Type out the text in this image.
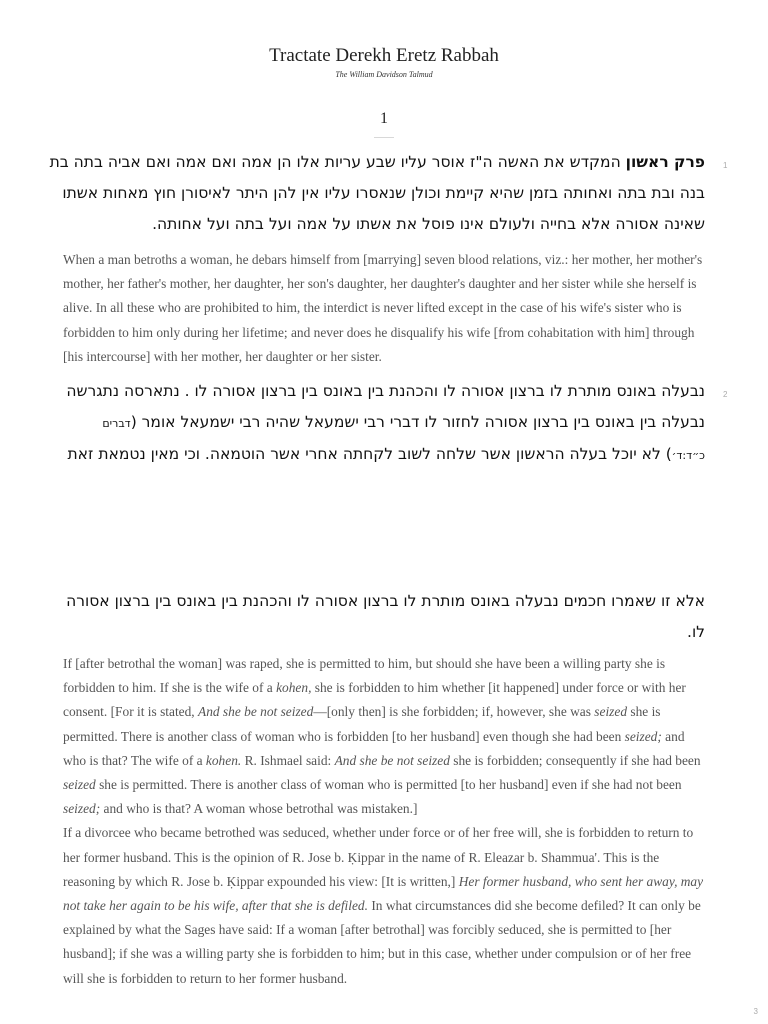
Tractate Derekh Eretz Rabbah
The William Davidson Talmud
1
1
פרק ראשון המקדש את האשה ה"ז אוסר עליו שבע עריות אלו הן אמה ואם אמה ואם אביה בתה בת
בנה ובת בתה ואחותה בזמן שהיא קיימת וכולן שנאסרו עליו אין להן היתר לאיסורן חוץ מאחות אשתו
שאינה אסורה אלא בחייה ולעולם אינו פוסל את אשתו על אמה ועל בתה ועל אחותה.

When a man betroths a woman, he debars himself from [marrying] seven blood relations, viz.: her mother, her mother's mother, her father's mother, her daughter, her son's daughter, her daughter's daughter and her sister while she herself is alive. In all these who are prohibited to him, the interdict is never lifted except in the case of his wife's sister who is forbidden to him only during her lifetime; and never does he disqualify his wife [from cohabitation with him] through [his intercourse] with her mother, her daughter or her sister.

2
נבעלה באונס מותרת לו ברצון אסורה לו והכהנת בין באונס בין ברצון אסורה לו . נתארסה נתגרשה
נבעלה בין באונס בין ברצון אסורה לחזור לו דברי רבי ישמעאל שהיה רבי ישמעאל אומר (דברים
כ״ד:ד׳) לא יוכל בעלה הראשון אשר שלחה לשוב לקחתה אחרי אשר הוטמאה. וכי מאין נטמאת זאת
אלא זו שאמרו חכמים נבעלה באונס מותרת לו ברצון אסורה לו והכהנת בין באונס בין ברצון אסורה
לו.

If [after betrothal the woman] was raped, she is permitted to him, but should she have been a willing party she is forbidden to him. If she is the wife of a kohen, she is forbidden to him whether [it happened] under force or with her consent. [For it is stated, And she be not seized—[only then] is she forbidden; if, however, she was seized she is permitted. There is another class of woman who is forbidden [to her husband] even though she had been seized; and who is that? The wife of a kohen. R. Ishmael said: And she be not seized she is forbidden; consequently if she had been seized she is permitted. There is another class of woman who is permitted [to her husband] even if she had not been seized; and who is that? A woman whose betrothal was mistaken.]

If a divorcee who became betrothed was seduced, whether under force or of her free will, she is forbidden to return to her former husband. This is the opinion of R. Jose b. Ḳippar in the name of R. Eleazar b. Shammua'. This is the reasoning by which R. Jose b. Ḳippar expounded his view: [It is written,] Her former husband, who sent her away, may not take her again to be his wife, after that she is defiled. In what circumstances did she become defiled? It can only be explained by what the Sages have said: If a woman [after betrothal] was forcibly seduced, she is permitted to [her husband]; if she was a willing party she is forbidden to him; but in this case, whether under compulsion or of her free will she is forbidden to return to her former husband.

3
